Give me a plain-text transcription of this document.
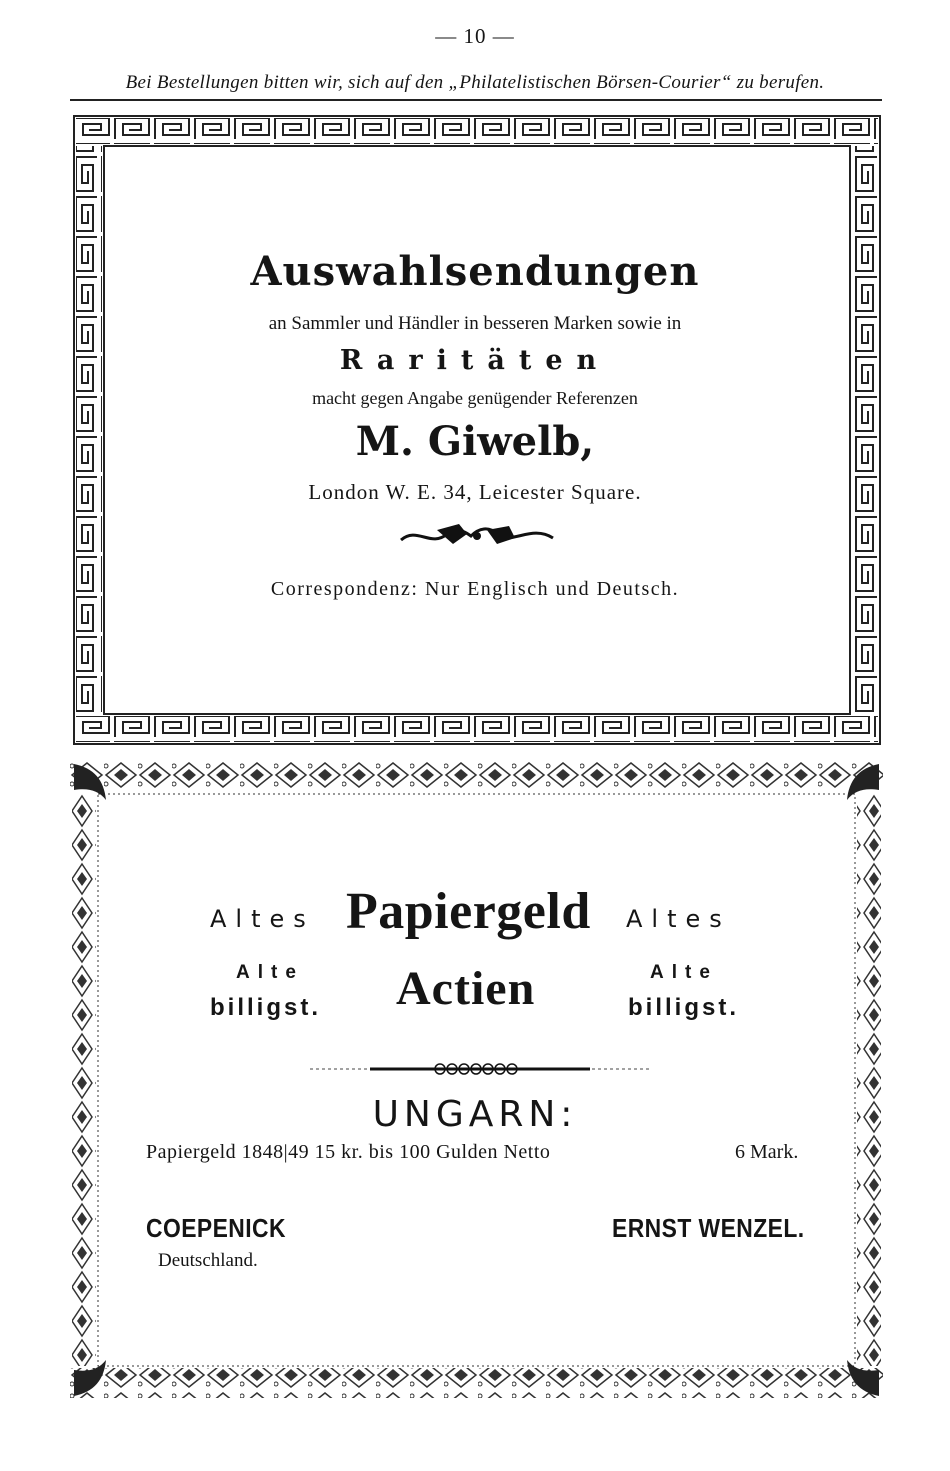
— 10 —
Bei Bestellungen bitten wir, sich auf den „Philatelistischen Börsen-Courier“ zu berufen.
Auswahlsendungen
an Sammler und Händler in besseren Marken sowie in
Raritäten
macht gegen Angabe genügender Referenzen
M. Giwelb,
London W. E. 34, Leicester Square.
Correspondenz: Nur Englisch und Deutsch.
Altes Papiergeld Altes
Alte
billigst. Actien	Alte
billigst.
UNGARN:
Papiergeld 1848|49 15 kr. bis 100 Gulden Netto	6 Mark.
COEPENICK
Deutschland.
ERNST WENZEL.
